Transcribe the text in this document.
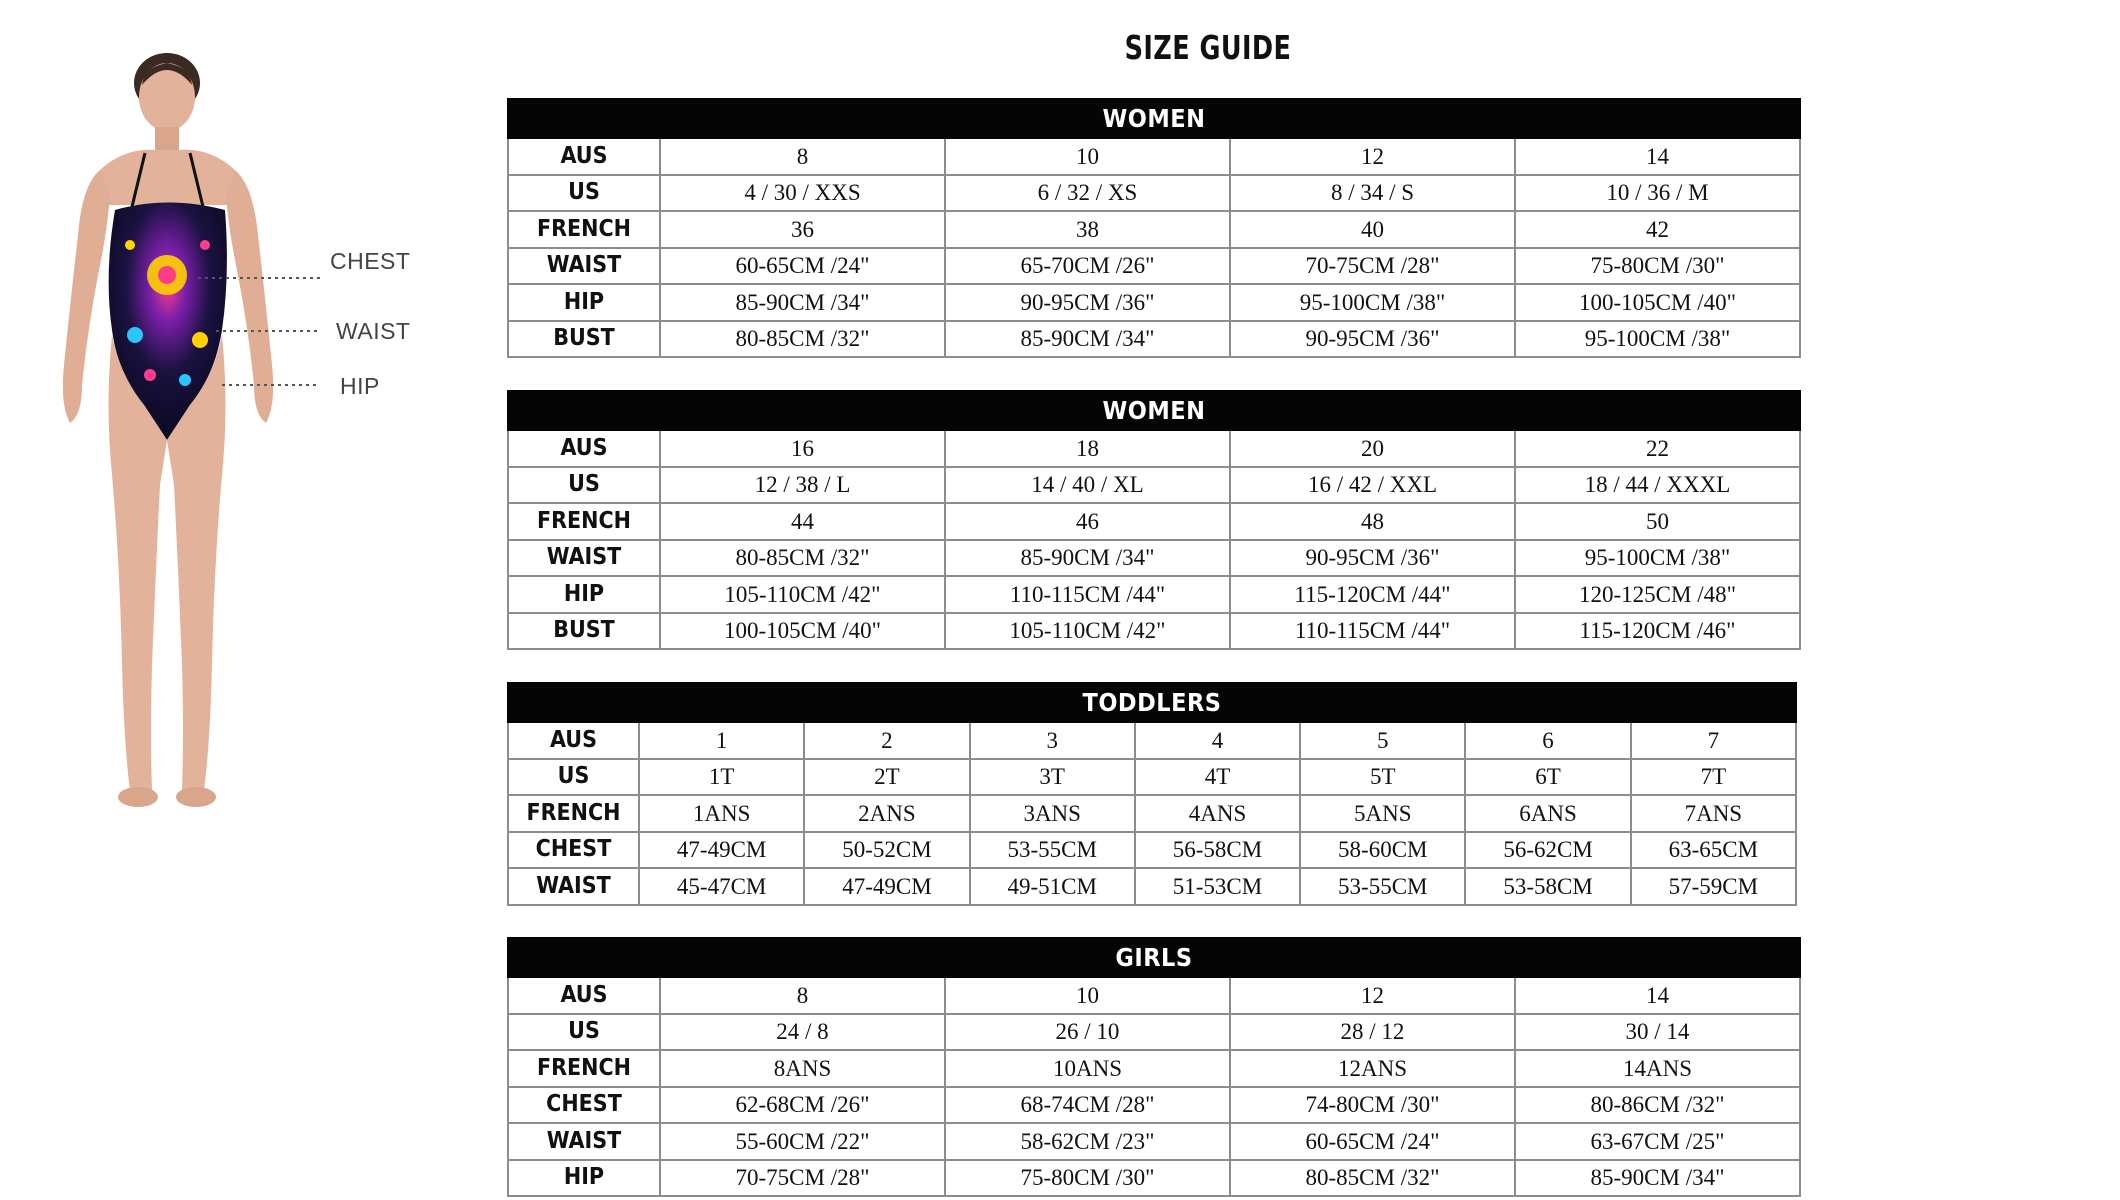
SIZE GUIDE
CHEST
WAIST
HIP
WOMEN				
AUS	8	10	12	14
US	4 / 30 / XXS	6 / 32 / XS	8 / 34 / S	10 / 36 / M
FRENCH	36	38	40	42
WAIST	60-65CM /24"	65-70CM /26"	70-75CM /28"	75-80CM /30"
HIP	85-90CM /34"	90-95CM /36"	95-100CM /38"	100-105CM /40"
BUST	80-85CM /32"	85-90CM /34"	90-95CM /36"	95-100CM /38"
WOMEN				
AUS	16	18	20	22
US	12 / 38 / L	14 / 40 / XL	16 / 42 / XXL	18 / 44 / XXXL
FRENCH	44	46	48	50
WAIST	80-85CM /32"	85-90CM /34"	90-95CM /36"	95-100CM /38"
HIP	105-110CM /42"	110-115CM /44"	115-120CM /44"	120-125CM /48"
BUST	100-105CM /40"	105-110CM /42"	110-115CM /44"	115-120CM /46"
TODDLERS							
AUS	1	2	3	4	5	6	7
US	1T	2T	3T	4T	5T	6T	7T
FRENCH	1ANS	2ANS	3ANS	4ANS	5ANS	6ANS	7ANS
CHEST	47-49CM	50-52CM	53-55CM	56-58CM	58-60CM	56-62CM	63-65CM
WAIST	45-47CM	47-49CM	49-51CM	51-53CM	53-55CM	53-58CM	57-59CM
GIRLS				
AUS	8	10	12	14
US	24 / 8	26 / 10	28 / 12	30 / 14
FRENCH	8ANS	10ANS	12ANS	14ANS
CHEST	62-68CM /26"	68-74CM /28"	74-80CM /30"	80-86CM /32"
WAIST	55-60CM /22"	58-62CM /23"	60-65CM /24"	63-67CM /25"
HIP	70-75CM /28"	75-80CM /30"	80-85CM /32"	85-90CM /34"
